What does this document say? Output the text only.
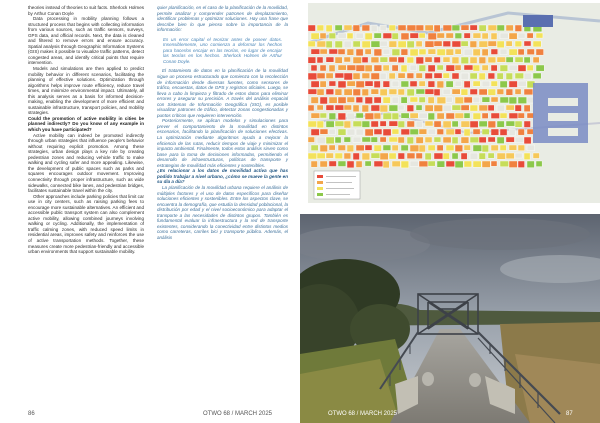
theories instead of theories to suit facts. Sherlock Holmes by Arthur Conan Doyle

Data processing in mobility planning follows a structured process that begins with collecting information from various sources, such as traffic sensors, surveys, GPS data, and official records. Next, the data is cleaned and filtered to remove errors and ensure accuracy. Spatial analysis through Geographic Information Systems (GIS) makes it possible to visualize traffic patterns, detect congested areas, and identify critical points that require intervention.

Models and simulations are then applied to predict mobility behavior in different scenarios, facilitating the planning of effective solutions. Optimization through algorithms helps improve route efficiency, reduce travel times, and minimize environmental impact. Ultimately, all this analysis serves as a basis for informed decision-making, enabling the development of more efficient and sustainable infrastructure, transport policies, and mobility strategies.

Could the promotion of active mobility in cities be planned indirectly? Do you know of any example in which you have participated?

Active mobility can indeed be promoted indirectly through urban strategies that influence people's behavior without requiring explicit promotion. Among these strategies, urban design plays a key role by creating pedestrian zones and reducing vehicle traffic to make walking and cycling safer and more appealing. Likewise, the development of public spaces such as parks and squares encourages outdoor movement. Improving connectivity through proper infrastructure, such as wide sidewalks, connected bike lanes, and pedestrian bridges, facilitates sustainable travel within the city.

Other approaches include parking policies that limit car use in city centers, such as raising parking fees to encourage more sustainable alternatives. An efficient and accessible public transport system can also complement active mobility, allowing combined journeys involving walking or cycling. Additionally, the implementation of traffic calming zones, with reduced speed limits in residential areas, improves safety and reinforces the use of active transportation methods. Together, these measures create more pedestrian-friendly and accessible urban environments that support sustainable mobility.

86

quier planificación, en el caso de la planificación de la movilidad, permite analizar y comprender patrones de desplazamiento, identificar problemas y optimizar soluciones. Hay una frase que describe bien lo que pienso sobre la importancia de la información:

Es un error capital el teorizar antes de poseer datos. Insensiblemente, uno comienza a deformar los hechos para hacerlos encajar en las teorías, en lugar de encajar las teorías en los hechos. Sherlock Holmes de Arthur Conan Doyle.

El tratamiento de datos en la planificación de la movilidad sigue un proceso estructurado que comienza con la recolección de información desde diversas fuentes, como sensores de tráfico, encuestas, datos de GPS y registros oficiales. Luego, se lleva a cabo la limpieza y filtrado de estos datos para eliminar errores y asegurar su precisión. A través del análisis espacial con Sistemas de Información Geográfica (SIG), es posible visualizar patrones de tráfico, detectar zonas congestionadas y puntos críticos que requieren intervención.

Posteriormente, se aplican modelos y simulaciones para prever el comportamiento de la movilidad en distintos escenarios, facilitando la planificación de soluciones efectivas. La optimización mediante algoritmos ayuda a mejorar la eficiencia de las rutas, reducir tiempos de viaje y minimizar el impacto ambiental. Finalmente, todos estos análisis sirven como base para la toma de decisiones informadas, permitiendo el desarrollo de infraestructuras, políticas de transporte y estrategias de movilidad más eficientes y sostenibles.

¿Es relacionar a los datos de movilidad activa que has podido trabajar a nivel urbano, ¿cómo se mueve la gente en su día a día?

La planificación de la movilidad urbana requiere el análisis de múltiples factores y el uso de datos específicos para diseñar soluciones eficientes y sostenibles. Entre los aspectos clave, se encuentra la demografía, que estudia la densidad poblacional, la distribución por edad y el nivel socioeconómico para adaptar el transporte a las necesidades de distintos grupos. También es fundamental evaluar la infraestructura y la red de transporte existentes, considerando la conectividad entre distintos medios como carreteras, carriles bici y transporte público. Además, el análisis

OTWO 68 / MARCH 2025	OTWO 68 / MARCH 2025	87
